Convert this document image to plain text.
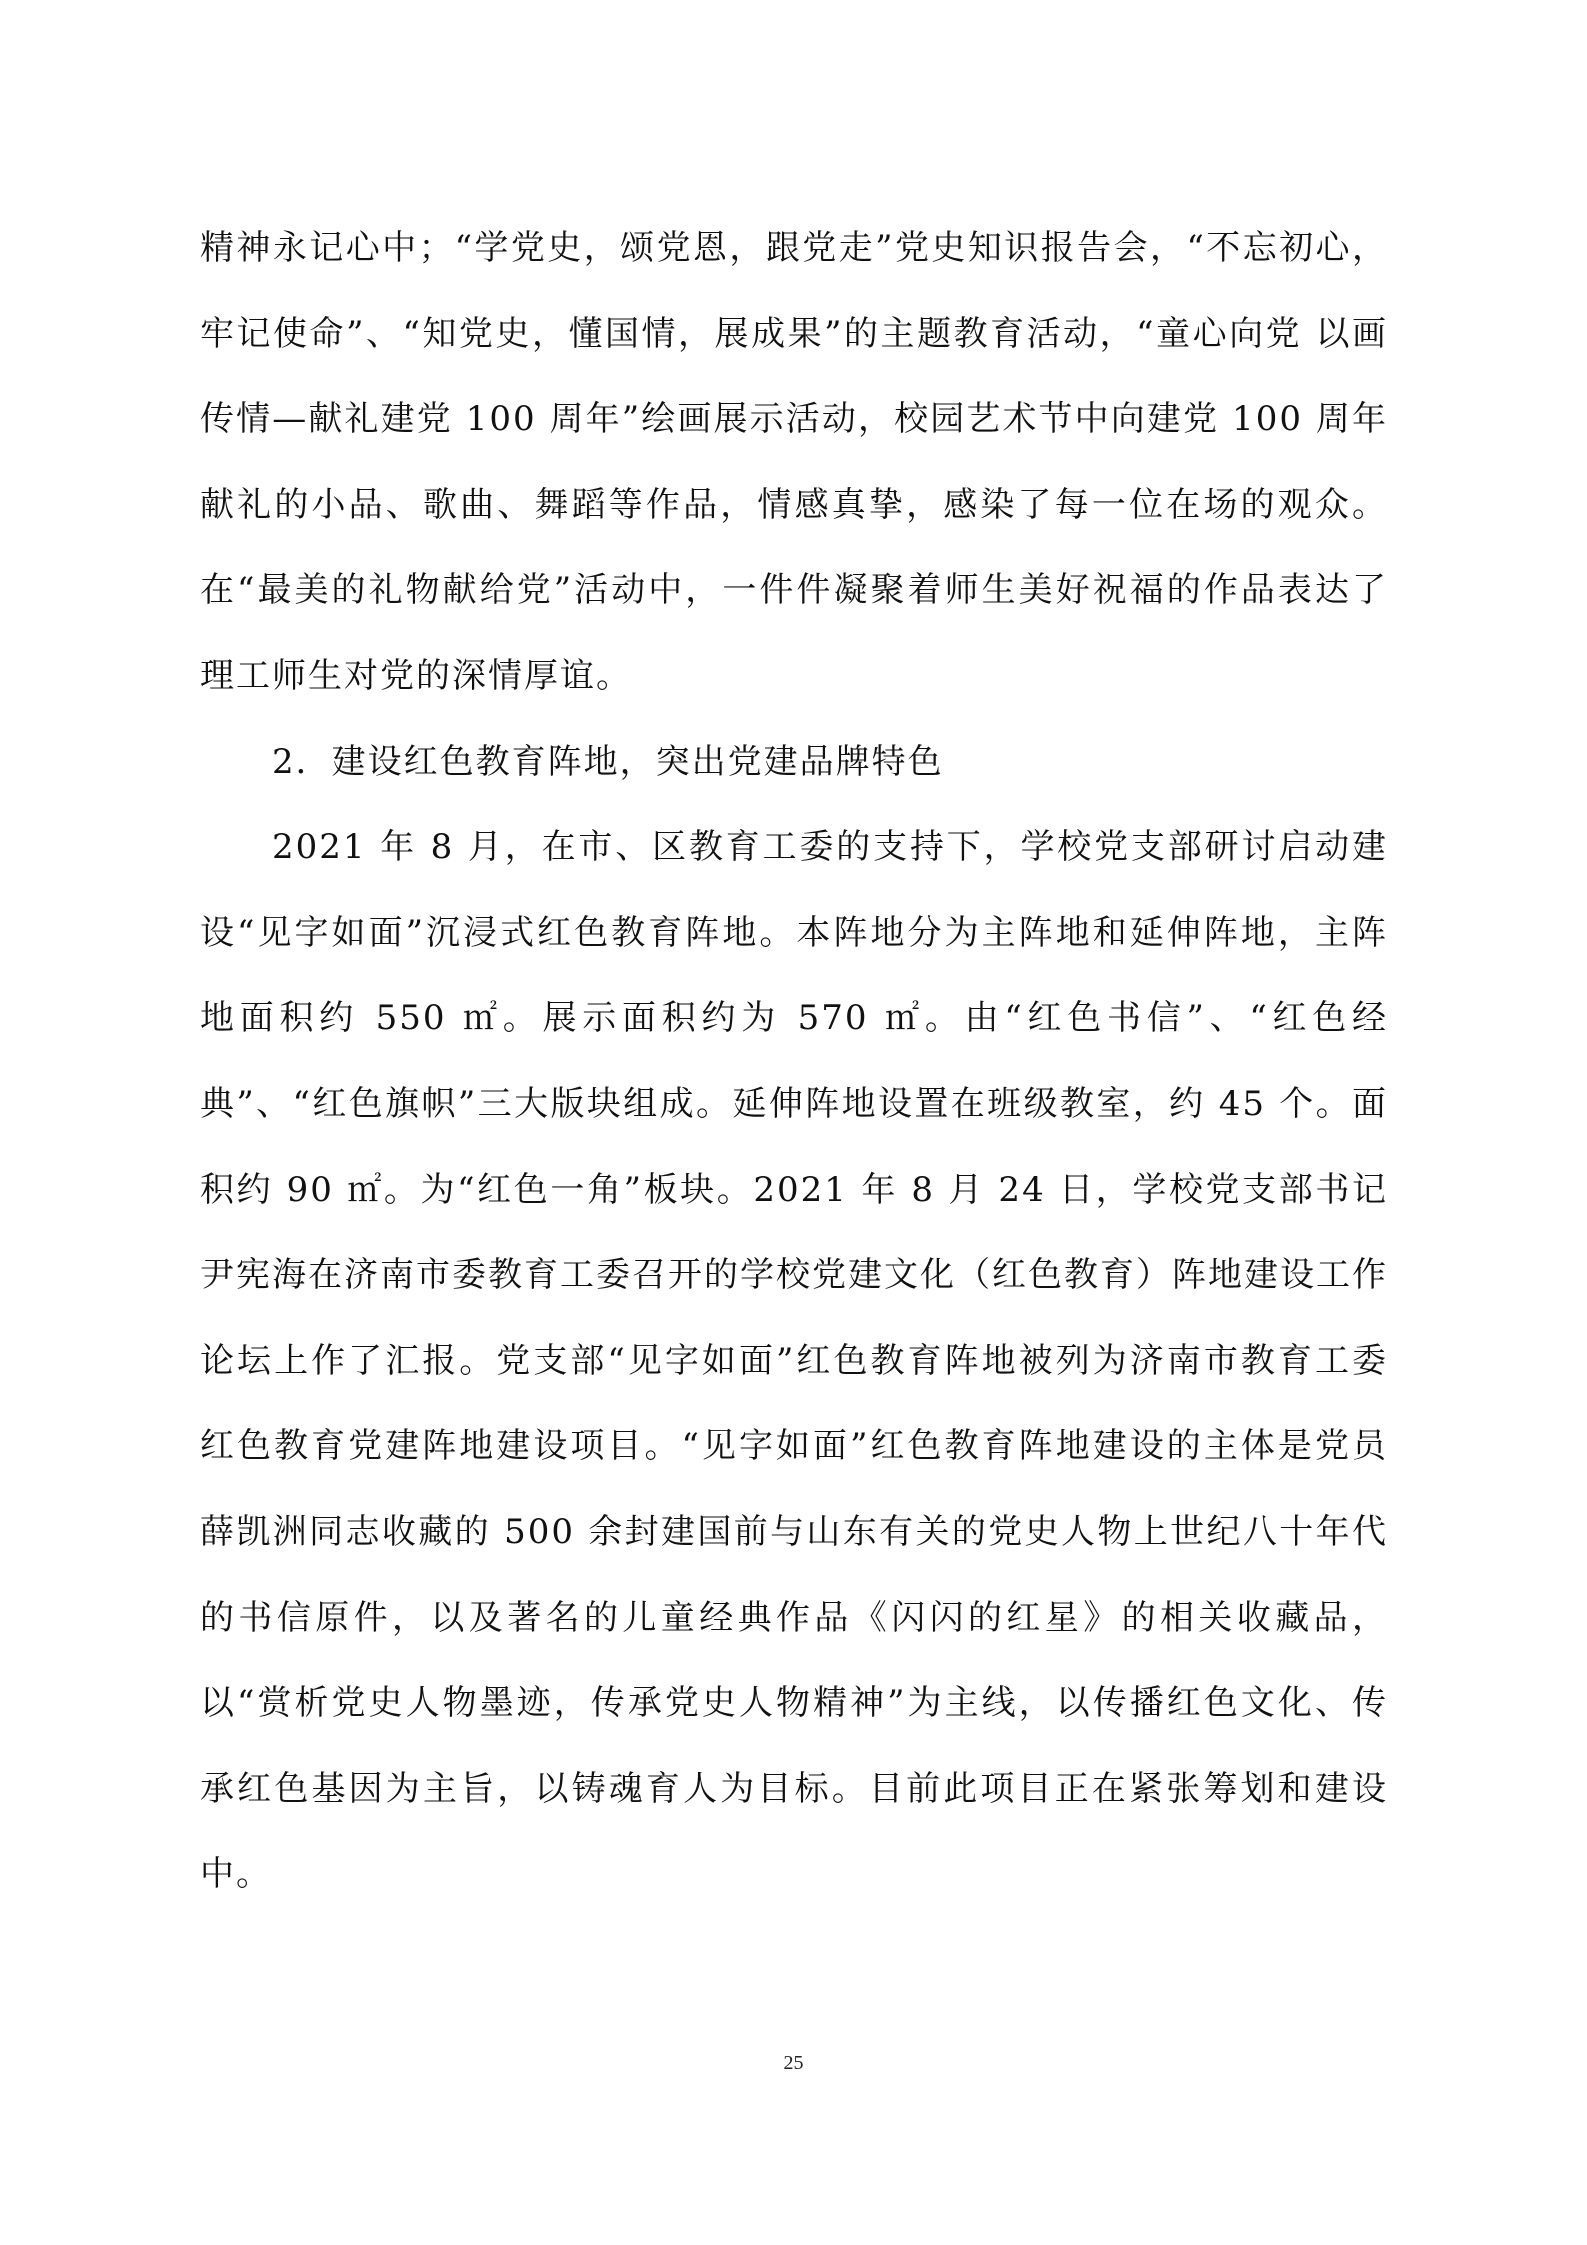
精神永记心中；“学党史，颂党恩，跟党走”党史知识报告会，“不忘初心，牢记使命”、“知党史，懂国情，展成果”的主题教育活动，“童心向党 以画传情—献礼建党 100 周年”绘画展示活动，校园艺术节中向建党 100 周年献礼的小品、歌曲、舞蹈等作品，情感真挚，感染了每一位在场的观众。在“最美的礼物献给党”活动中，一件件凝聚着师生美好祝福的作品表达了理工师生对党的深情厚谊。

2．建设红色教育阵地，突出党建品牌特色

2021 年 8 月，在市、区教育工委的支持下，学校党支部研讨启动建设“见字如面”沉浸式红色教育阵地。本阵地分为主阵地和延伸阵地，主阵地面积约 550 ㎡。展示面积约为 570 ㎡。由“红色书信”、“红色经典”、“红色旗帜”三大版块组成。延伸阵地设置在班级教室，约 45 个。面积约 90 ㎡。为“红色一角”板块。2021 年 8 月 24 日，学校党支部书记尹宪海在济南市委教育工委召开的学校党建文化（红色教育）阵地建设工作论坛上作了汇报。党支部“见字如面”红色教育阵地被列为济南市教育工委红色教育党建阵地建设项目。“见字如面”红色教育阵地建设的主体是党员薛凯洲同志收藏的 500 余封建国前与山东有关的党史人物上世纪八十年代的书信原件，以及著名的儿童经典作品《闪闪的红星》的相关收藏品，以“赏析党史人物墨迹，传承党史人物精神”为主线，以传播红色文化、传承红色基因为主旨，以铸魂育人为目标。目前此项目正在紧张筹划和建设中。

25
